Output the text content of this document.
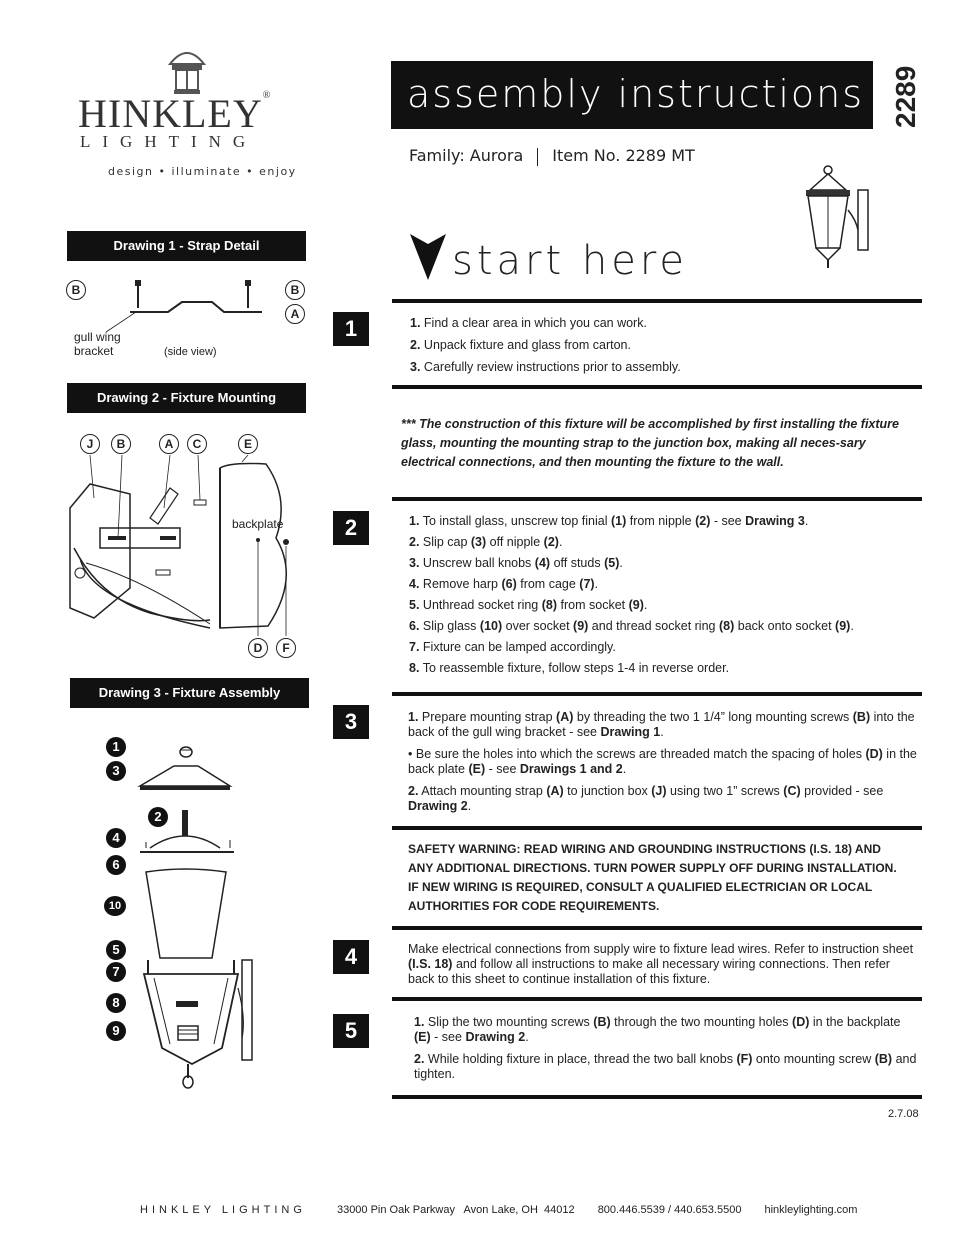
HINKLEY®
LIGHTING
design • illuminate • enjoy
assembly instructions 2289
Family: Aurora Item No. 2289 MT
start here
Drawing 1 - Strap Detail
B	B
A
gull wing
bracket	(side view)
Drawing 2 - Fixture Mounting
J	B	A	C	E
backplate
D	F
Drawing 3 - Fixture Assembly
1
3
2
4
6
10
5
7
8
9
1	1. Find a clear area in which you can work.

2. Unpack fixture and glass from carton.

3. Carefully review instructions prior to assembly.

*** The construction of this fixture will be accomplished by first installing the fixture glass, mounting the mounting strap to the junction box, making all neces-sary electrical connections, and then mounting the fixture to the wall.
2	1. To install glass, unscrew top finial (1) from nipple (2) - see Drawing 3.

2. Slip cap (3) off nipple (2).

3. Unscrew ball knobs (4) off studs (5).

4. Remove harp (6) from cage (7).

5. Unthread socket ring (8) from socket (9).

6. Slip glass (10) over socket (9) and thread socket ring (8) back onto socket (9).

7. Fixture can be lamped accordingly.

8. To reassemble fixture, follow steps 1-4 in reverse order.

3	1. Prepare mounting strap (A) by threading the two 1 1/4” long mounting screws (B) into the back of the gull wing bracket - see Drawing 1.

• Be sure the holes into which the screws are threaded match the spacing of holes (D) in the back plate (E) - see Drawings 1 and 2.

2. Attach mounting strap (A) to junction box (J) using two 1” screws (C) provided - see Drawing 2.

SAFETY WARNING: READ WIRING AND GROUNDING INSTRUCTIONS (I.S. 18) AND ANY ADDITIONAL DIRECTIONS. TURN POWER SUPPLY OFF DURING INSTALLATION. IF NEW WIRING IS REQUIRED, CONSULT A QUALIFIED ELECTRICIAN OR LOCAL AUTHORITIES FOR CODE REQUIREMENTS.
4	Make electrical connections from supply wire to fixture lead wires. Refer to instruction sheet (I.S. 18) and follow all instructions to make all necessary wiring connections. Then refer back to this sheet to continue installation of this fixture.
5	1. Slip the two mounting screws (B) through the two mounting holes (D) in the backplate (E) - see Drawing 2.

2. While holding fixture in place, thread the two ball knobs (F) onto mounting screw (B) and tighten.

2.7.08
HINKLEY LIGHTING	33000 Pin Oak Parkway   Avon Lake, OH  44012 800.446.5539 / 440.653.5500 hinkleylighting.com
